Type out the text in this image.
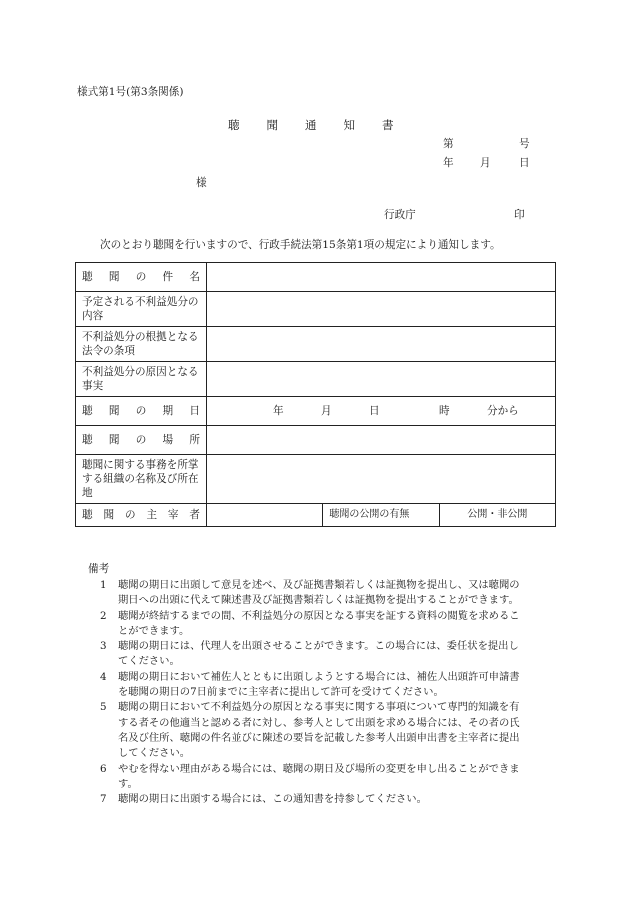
様式第1号(第3条関係)
聴聞通知書
第	号
年 月	日
様
行政庁	印
次のとおり聴聞を行いますので、行政手続法第15条第1項の規定により通知します。
聴聞の件名			
予定される不利益処分の内容			
不利益処分の根拠となる法令の条項			
不利益処分の原因となる事実			
聴聞の期日	年 月 日 時 分から		

聴聞の場所			
聴聞に関する事務を所掌する組織の名称及び所在地			
聴聞の主宰者		聴聞の公開の有無	公開・非公開
備考
1 聴聞の期日に出頭して意見を述べ、及び証拠書類若しくは証拠物を提出し、又は聴聞の期日への出頭に代えて陳述書及び証拠書類若しくは証拠物を提出することができます。
2 聴聞が終結するまでの間、不利益処分の原因となる事実を証する資料の閲覧を求めることができます。
3 聴聞の期日には、代理人を出頭させることができます。この場合には、委任状を提出してください。
4 聴聞の期日において補佐人とともに出頭しようとする場合には、補佐人出頭許可申請書を聴聞の期日の7日前までに主宰者に提出して許可を受けてください。
5 聴聞の期日において不利益処分の原因となる事実に関する事項について専門的知識を有する者その他適当と認める者に対し、参考人として出頭を求める場合には、その者の氏名及び住所、聴聞の件名並びに陳述の要旨を記載した参考人出頭申出書を主宰者に提出してください。
6 やむを得ない理由がある場合には、聴聞の期日及び場所の変更を申し出ることができます。
7 聴聞の期日に出頭する場合には、この通知書を持参してください。
